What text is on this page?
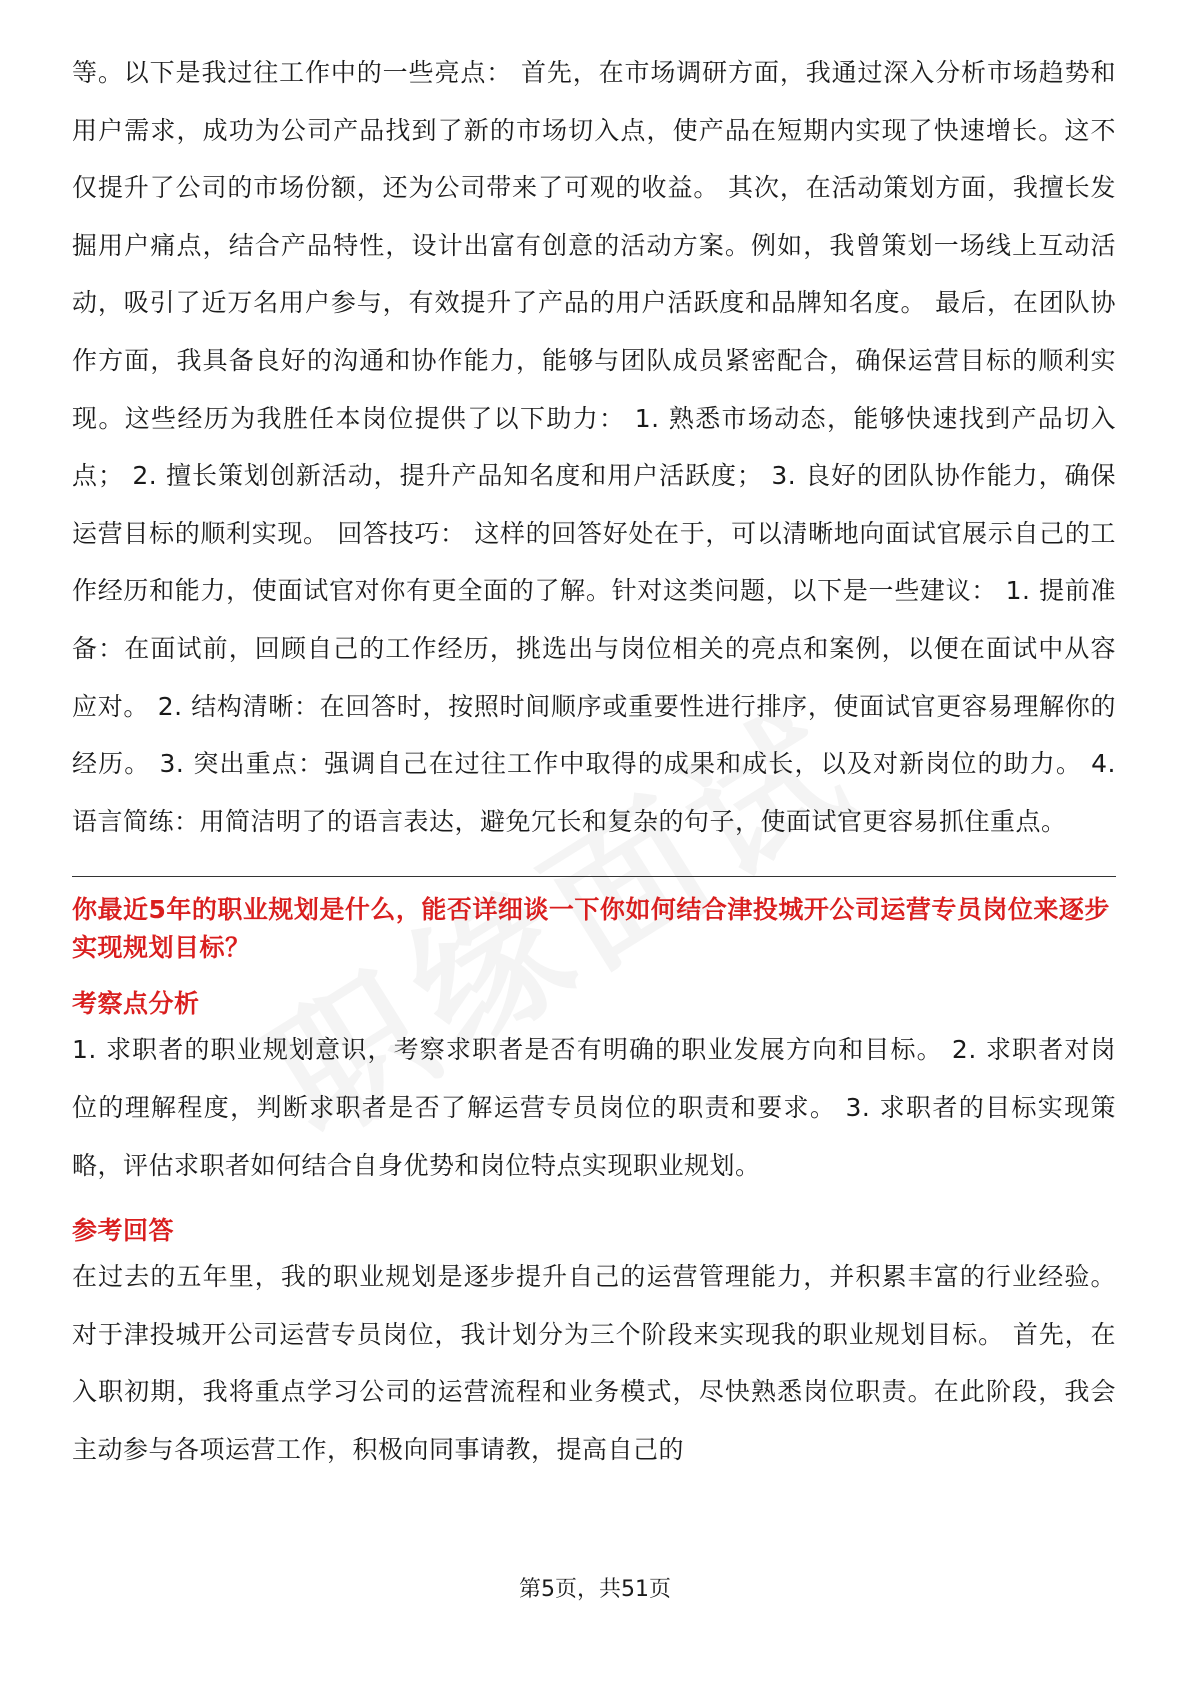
等。以下是我过往工作中的一些亮点： 首先，在市场调研方面，我通过深入分析市场趋势和用户需求，成功为公司产品找到了新的市场切入点，使产品在短期内实现了快速增长。这不仅提升了公司的市场份额，还为公司带来了可观的收益。 其次，在活动策划方面，我擅长发掘用户痛点，结合产品特性，设计出富有创意的活动方案。例如，我曾策划一场线上互动活动，吸引了近万名用户参与，有效提升了产品的用户活跃度和品牌知名度。 最后，在团队协作方面，我具备良好的沟通和协作能力，能够与团队成员紧密配合，确保运营目标的顺利实现。这些经历为我胜任本岗位提供了以下助力： 1. 熟悉市场动态，能够快速找到产品切入点； 2. 擅长策划创新活动，提升产品知名度和用户活跃度； 3. 良好的团队协作能力，确保运营目标的顺利实现。 回答技巧： 这样的回答好处在于，可以清晰地向面试官展示自己的工作经历和能力，使面试官对你有更全面的了解。针对这类问题，以下是一些建议： 1. 提前准备：在面试前，回顾自己的工作经历，挑选出与岗位相关的亮点和案例，以便在面试中从容应对。 2. 结构清晰：在回答时，按照时间顺序或重要性进行排序，使面试官更容易理解你的经历。 3. 突出重点：强调自己在过往工作中取得的成果和成长，以及对新岗位的助力。 4. 语言简练：用简洁明了的语言表达，避免冗长和复杂的句子，使面试官更容易抓住重点。

你最近5年的职业规划是什么，能否详细谈一下你如何结合津投城开公司运营专员岗位来逐步实现规划目标？

考察点分析

1. 求职者的职业规划意识，考察求职者是否有明确的职业发展方向和目标。 2. 求职者对岗位的理解程度，判断求职者是否了解运营专员岗位的职责和要求。 3. 求职者的目标实现策略，评估求职者如何结合自身优势和岗位特点实现职业规划。

参考回答

在过去的五年里，我的职业规划是逐步提升自己的运营管理能力，并积累丰富的行业经验。对于津投城开公司运营专员岗位，我计划分为三个阶段来实现我的职业规划目标。 首先，在入职初期，我将重点学习公司的运营流程和业务模式，尽快熟悉岗位职责。在此阶段，我会主动参与各项运营工作，积极向同事请教，提高自己的

第5页，共51页
